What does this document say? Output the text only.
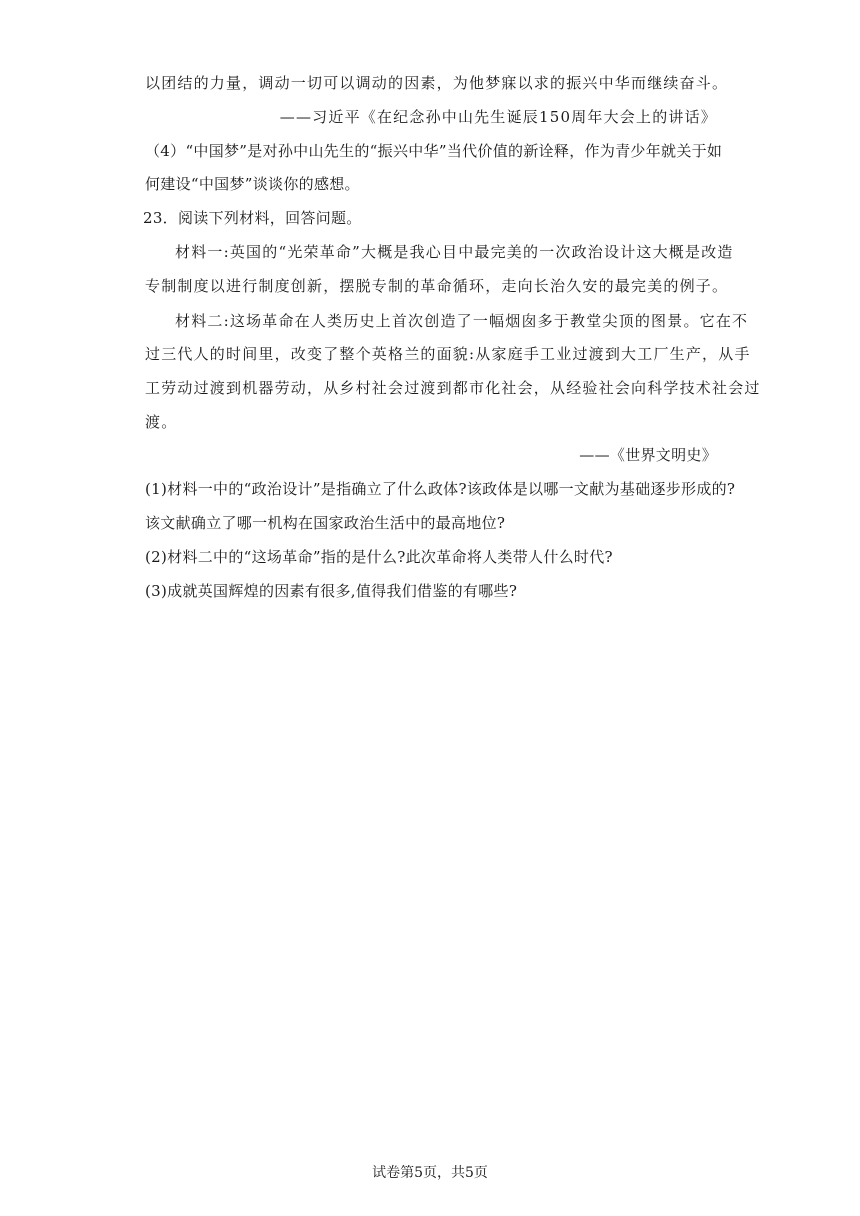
以团结的力量，调动一切可以调动的因素，为他梦寐以求的振兴中华而继续奋斗。
——习近平《在纪念孙中山先生诞辰150周年大会上的讲话》
（4）“中国梦”是对孙中山先生的“振兴中华”当代价值的新诠释，作为青少年就关于如
何建设“中国梦”谈谈你的感想。
23．阅读下列材料，回答问题。
材料一:英国的“光荣革命”大概是我心目中最完美的一次政治设计这大概是改造
专制制度以进行制度创新，摆脱专制的革命循环，走向长治久安的最完美的例子。
材料二:这场革命在人类历史上首次创造了一幅烟囱多于教堂尖顶的图景。它在不
过三代人的时间里，改变了整个英格兰的面貌:从家庭手工业过渡到大工厂生产，从手
工劳动过渡到机器劳动，从乡村社会过渡到都市化社会，从经验社会向科学技术社会过
渡。
——《世界文明史》
(1)材料一中的“政治设计”是指确立了什么政体?该政体是以哪一文献为基础逐步形成的?
该文献确立了哪一机构在国家政治生活中的最高地位?
(2)材料二中的“这场革命”指的是什么?此次革命将人类带人什么时代?
(3)成就英国辉煌的因素有很多,值得我们借鉴的有哪些?
试卷第5页，共5页
